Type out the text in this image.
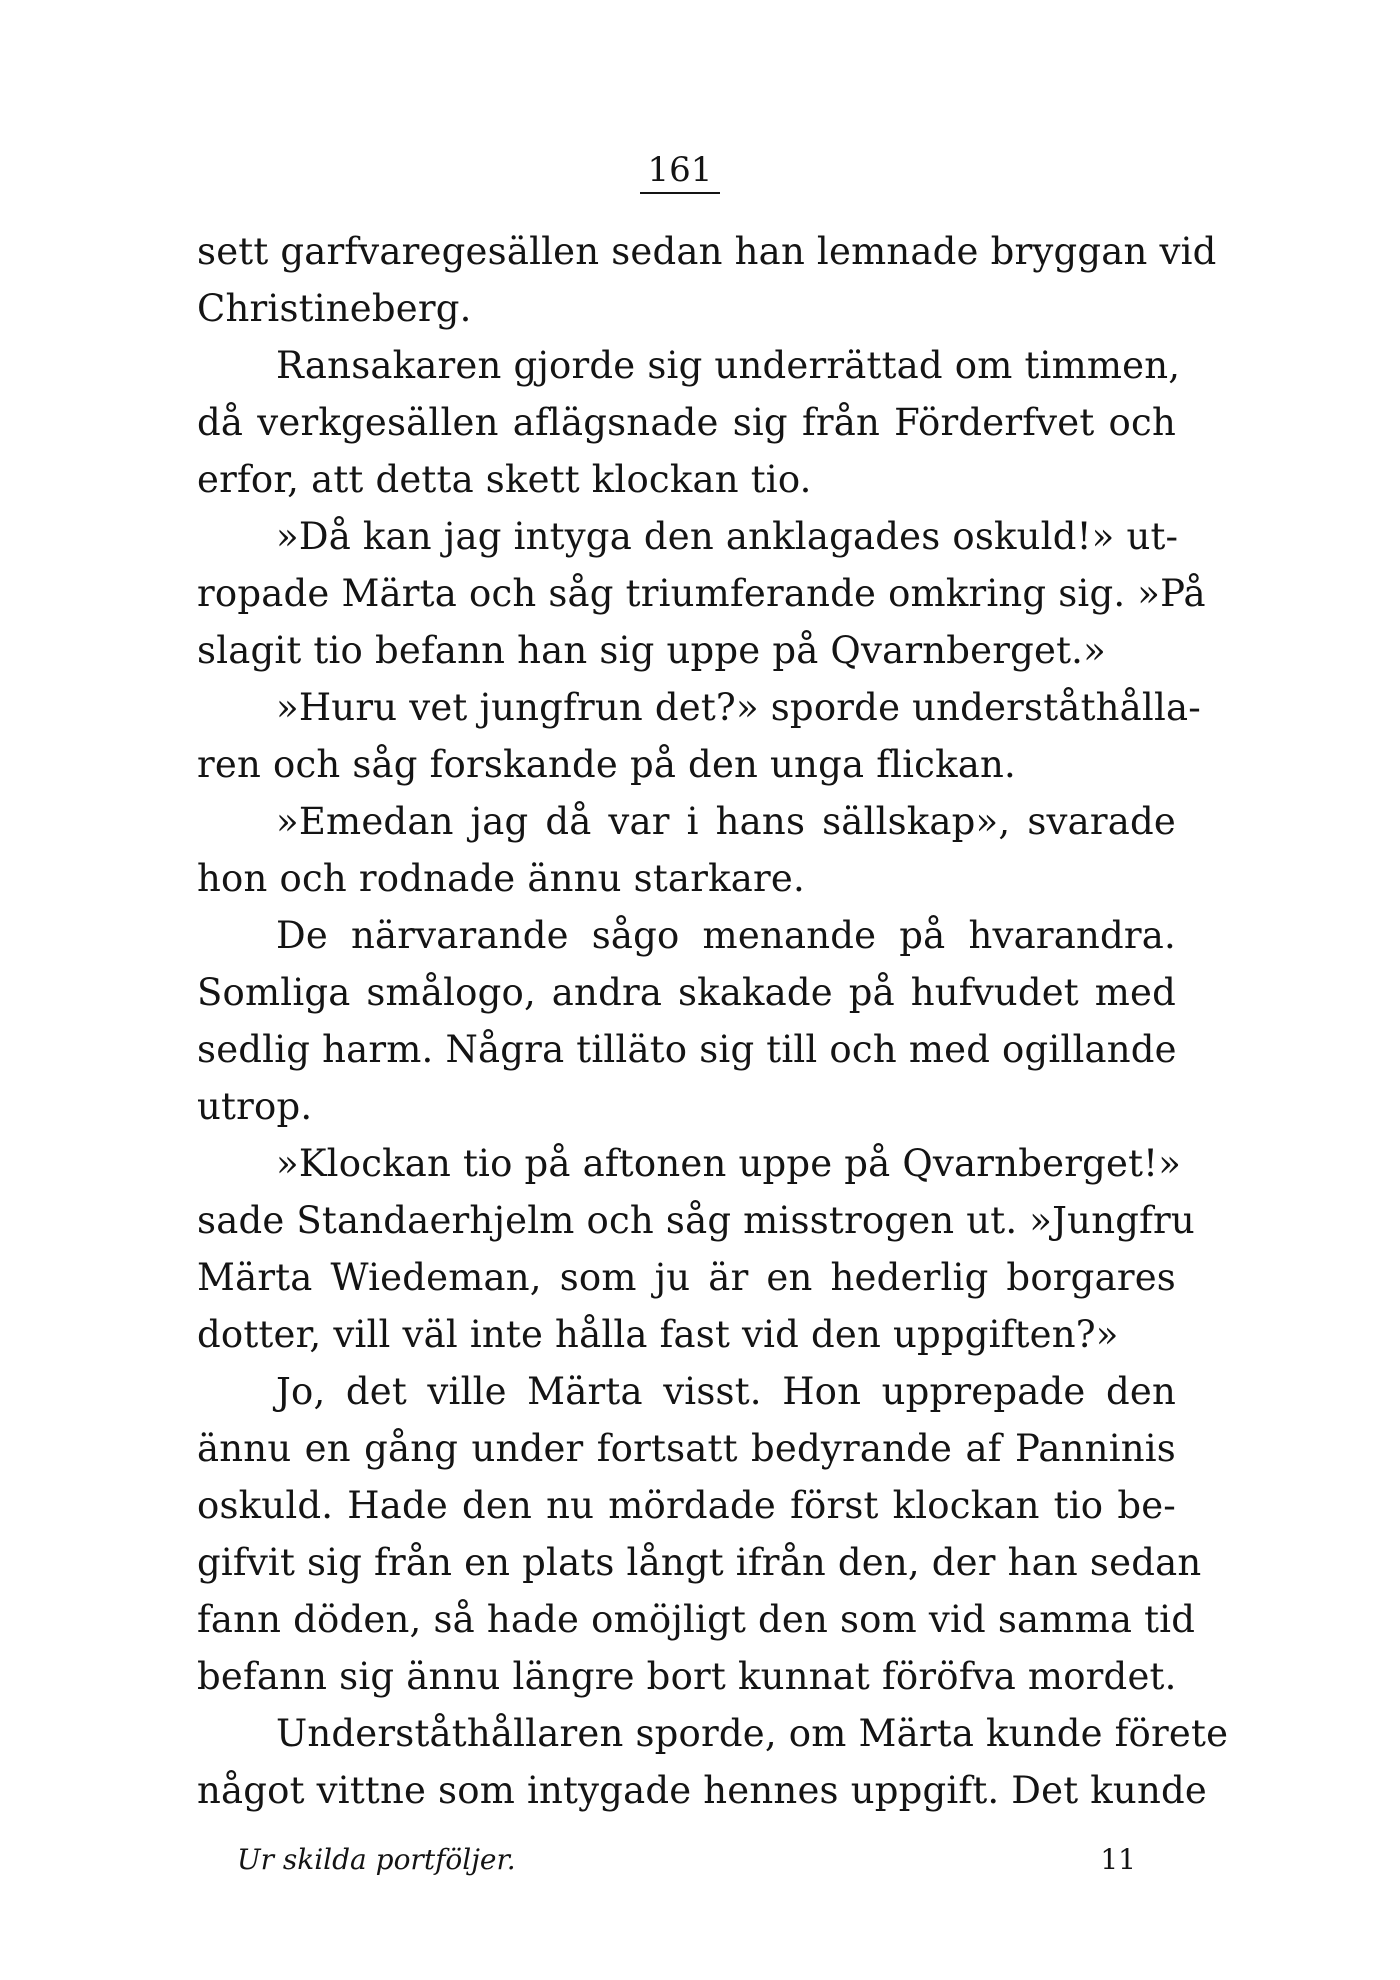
161
sett garfvaregesällen sedan han lemnade bryggan vid
Christineberg.
Ransakaren gjorde sig underrättad om timmen,
då verkgesällen aflägsnade sig från Förderfvet och
erfor, att detta skett klockan tio.
»Då kan jag intyga den anklagades oskuld!» ut-
ropade Märta och såg triumferande omkring sig. »På
slagit tio befann han sig uppe på Qvarnberget.»
»Huru vet jungfrun det?» sporde underståthålla-
ren och såg forskande på den unga flickan.
»Emedan jag då var i hans sällskap», svarade
hon och rodnade ännu starkare.
De närvarande sågo menande på hvarandra.
Somliga smålogo, andra skakade på hufvudet med
sedlig harm. Några tilläto sig till och med ogillande
utrop.
»Klockan tio på aftonen uppe på Qvarnberget!»
sade Standaerhjelm och såg misstrogen ut. »Jungfru
Märta Wiedeman, som ju är en hederlig borgares
dotter, vill väl inte hålla fast vid den uppgiften?»
Jo, det ville Märta visst. Hon upprepade den
ännu en gång under fortsatt bedyrande af Panninis
oskuld. Hade den nu mördade först klockan tio be-
gifvit sig från en plats långt ifrån den, der han sedan
fann döden, så hade omöjligt den som vid samma tid
befann sig ännu längre bort kunnat föröfva mordet.
Underståthållaren sporde, om Märta kunde förete
något vittne som intygade hennes uppgift. Det kunde
Ur skilda portföljer.	11
